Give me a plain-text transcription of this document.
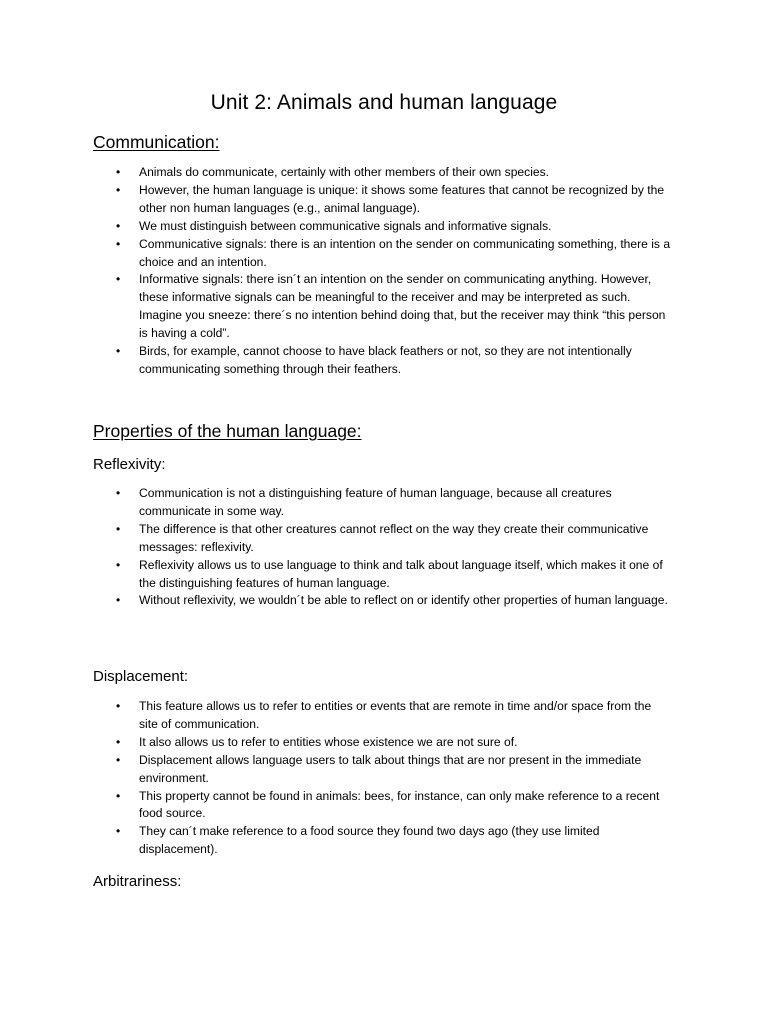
Unit 2: Animals and human language
Communication:
• Animals do communicate, certainly with other members of their own species.
• However, the human language is unique: it shows some features that cannot be recognized by the other non human languages (e.g., animal language).
• We must distinguish between communicative signals and informative signals.
• Communicative signals: there is an intention on the sender on communicating something, there is a choice and an intention.
• Informative signals: there isn´t an intention on the sender on communicating anything. However, these informative signals can be meaningful to the receiver and may be interpreted as such. Imagine you sneeze: there´s no intention behind doing that, but the receiver may think “this person is having a cold”.
• Birds, for example, cannot choose to have black feathers or not, so they are not intentionally communicating something through their feathers.
Properties of the human language:
Reflexivity:
• Communication is not a distinguishing feature of human language, because all creatures communicate in some way.
• The difference is that other creatures cannot reflect on the way they create their communicative messages: reflexivity.
• Reflexivity allows us to use language to think and talk about language itself, which makes it one of the distinguishing features of human language.
• Without reflexivity, we wouldn´t be able to reflect on or identify other properties of human language.
Displacement:
• This feature allows us to refer to entities or events that are remote in time and/or space from the site of communication.
• It also allows us to refer to entities whose existence we are not sure of.
• Displacement allows language users to talk about things that are nor present in the immediate environment.
• This property cannot be found in animals: bees, for instance, can only make reference to a recent food source.
• They can´t make reference to a food source they found two days ago (they use limited displacement).
Arbitrariness:
